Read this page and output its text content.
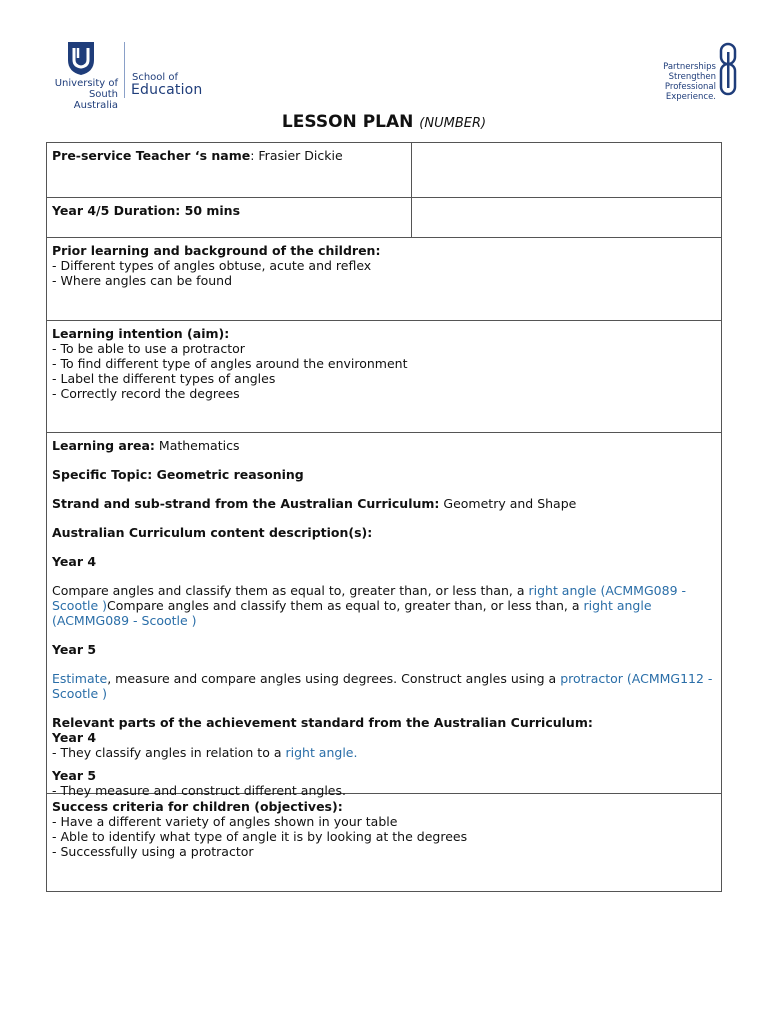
University of
South Australia
School of
Education
Partnerships
Strengthen
Professional
Experience.
LESSON PLAN (NUMBER)
Pre-service Teacher ‘s name: Frasier Dickie
Year 4/5 Duration: 50 mins

Prior learning and background of the children:

- Different types of angles obtuse, acute and reflex

- Where angles can be found

Learning intention (aim):

- To be able to use a protractor

- To find different type of angles around the environment

- Label the different types of angles

- Correctly record the degrees

Learning area: Mathematics

Specific Topic: Geometric reasoning

Strand and sub-strand from the Australian Curriculum: Geometry and Shape

Australian Curriculum content description(s):

Year 4

Compare angles and classify them as equal to, greater than, or less than, a right angle (ACMMG089 - Scootle )Compare angles and classify them as equal to, greater than, or less than, a right angle (ACMMG089 - Scootle )

Year 5

Estimate, measure and compare angles using degrees. Construct angles using a protractor (ACMMG112 - Scootle )

Relevant parts of the achievement standard from the Australian Curriculum:

Year 4

- They classify angles in relation to a right angle.

Year 5

- They measure and construct different angles.

Success criteria for children (objectives):

- Have a different variety of angles shown in your table

- Able to identify what type of angle it is by looking at the degrees

- Successfully using a protractor
